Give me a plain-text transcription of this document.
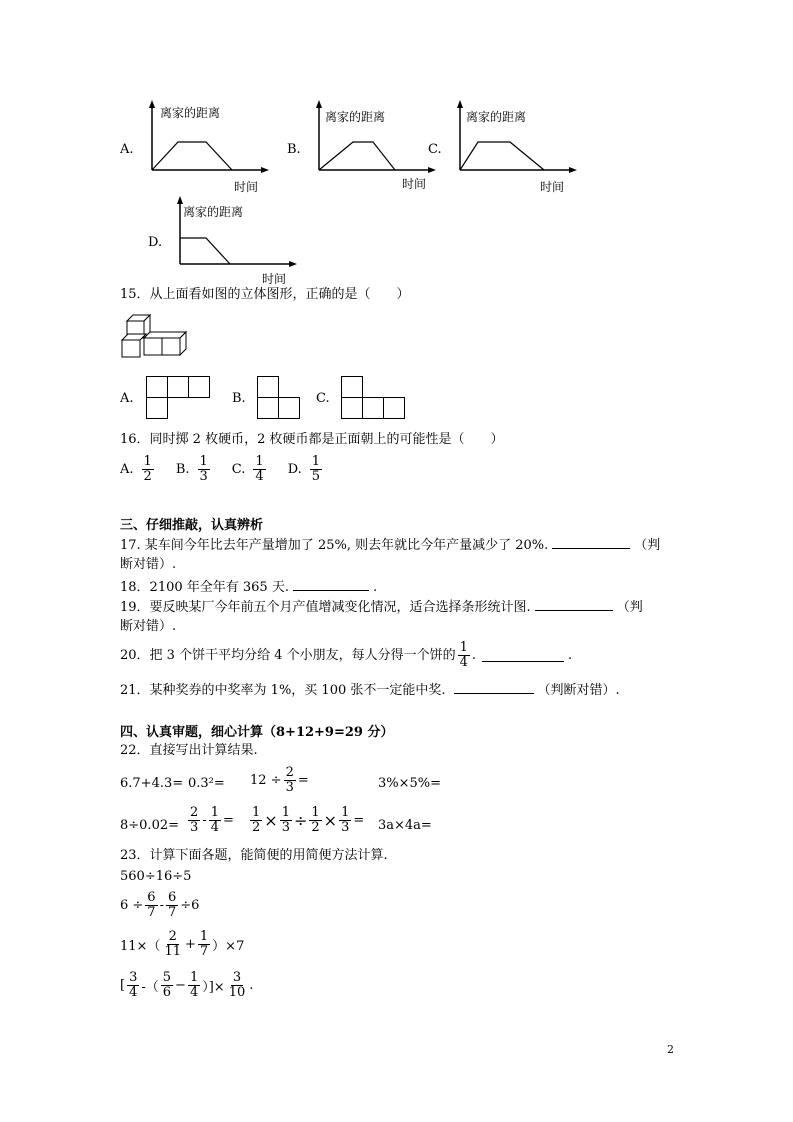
A.
离家的距离
时间
B.
离家的距离
时间
C.
离家的距离
时间
D.
离家的距离
时间
15．从上面看如图的立体图形，正确的是（　　）
A.	B.	C.
16．同时掷 2 枚硬币，2 枚硬币都是正面朝上的可能性是（　　）
A. $\frac{1}{2} B$. $\frac{1}{3} C$. $\frac{1}{4} D$. $\frac{1}{5}$
三、仔细推敲，认真辨析
17. 某车间今年比去年产量增加了 25%, 则去年就比今年产量减少了 20%.	（判
断对错）.
18．2100 年全年有 365 天.	.
19．要反映某厂今年前五个月产值增减变化情况，适合选择条形统计图.	（判
断对错）.
20．把 3 个饼干平均分给 4 个小朋友，每人分得一个饼的 $\frac{1}{4}$ .	.
21．某种奖券的中奖率为 1%，买 100 张不一定能中奖.	（判断对错）.
四、认真审题，细心计算（8+12+9=29 分）
22．直接写出计算结果.
$6.7+4.3= 0.3^2= 12 \div \frac{2}{3}$ =	3%×5%=
$8\div 0.02= \frac{2}{3} - \frac{1}{4} = \frac{1}{2} \times \frac{1}{3} \div \frac{1}{2} \times \frac{1}{3} = 3a\times 4a=$
23．计算下面各题，能简便的用简便方法计算.
560÷16÷5
$6 \div \frac{6}{7} - \frac{6}{7} \div 6$
$11\times( \frac{2}{11} + \frac{1}{7} )\times 7$
[ $\frac{3}{4}$ -（ $\frac{5}{6} - \frac{1}{4}$ ）]× $\frac{3}{10}$ .
2
